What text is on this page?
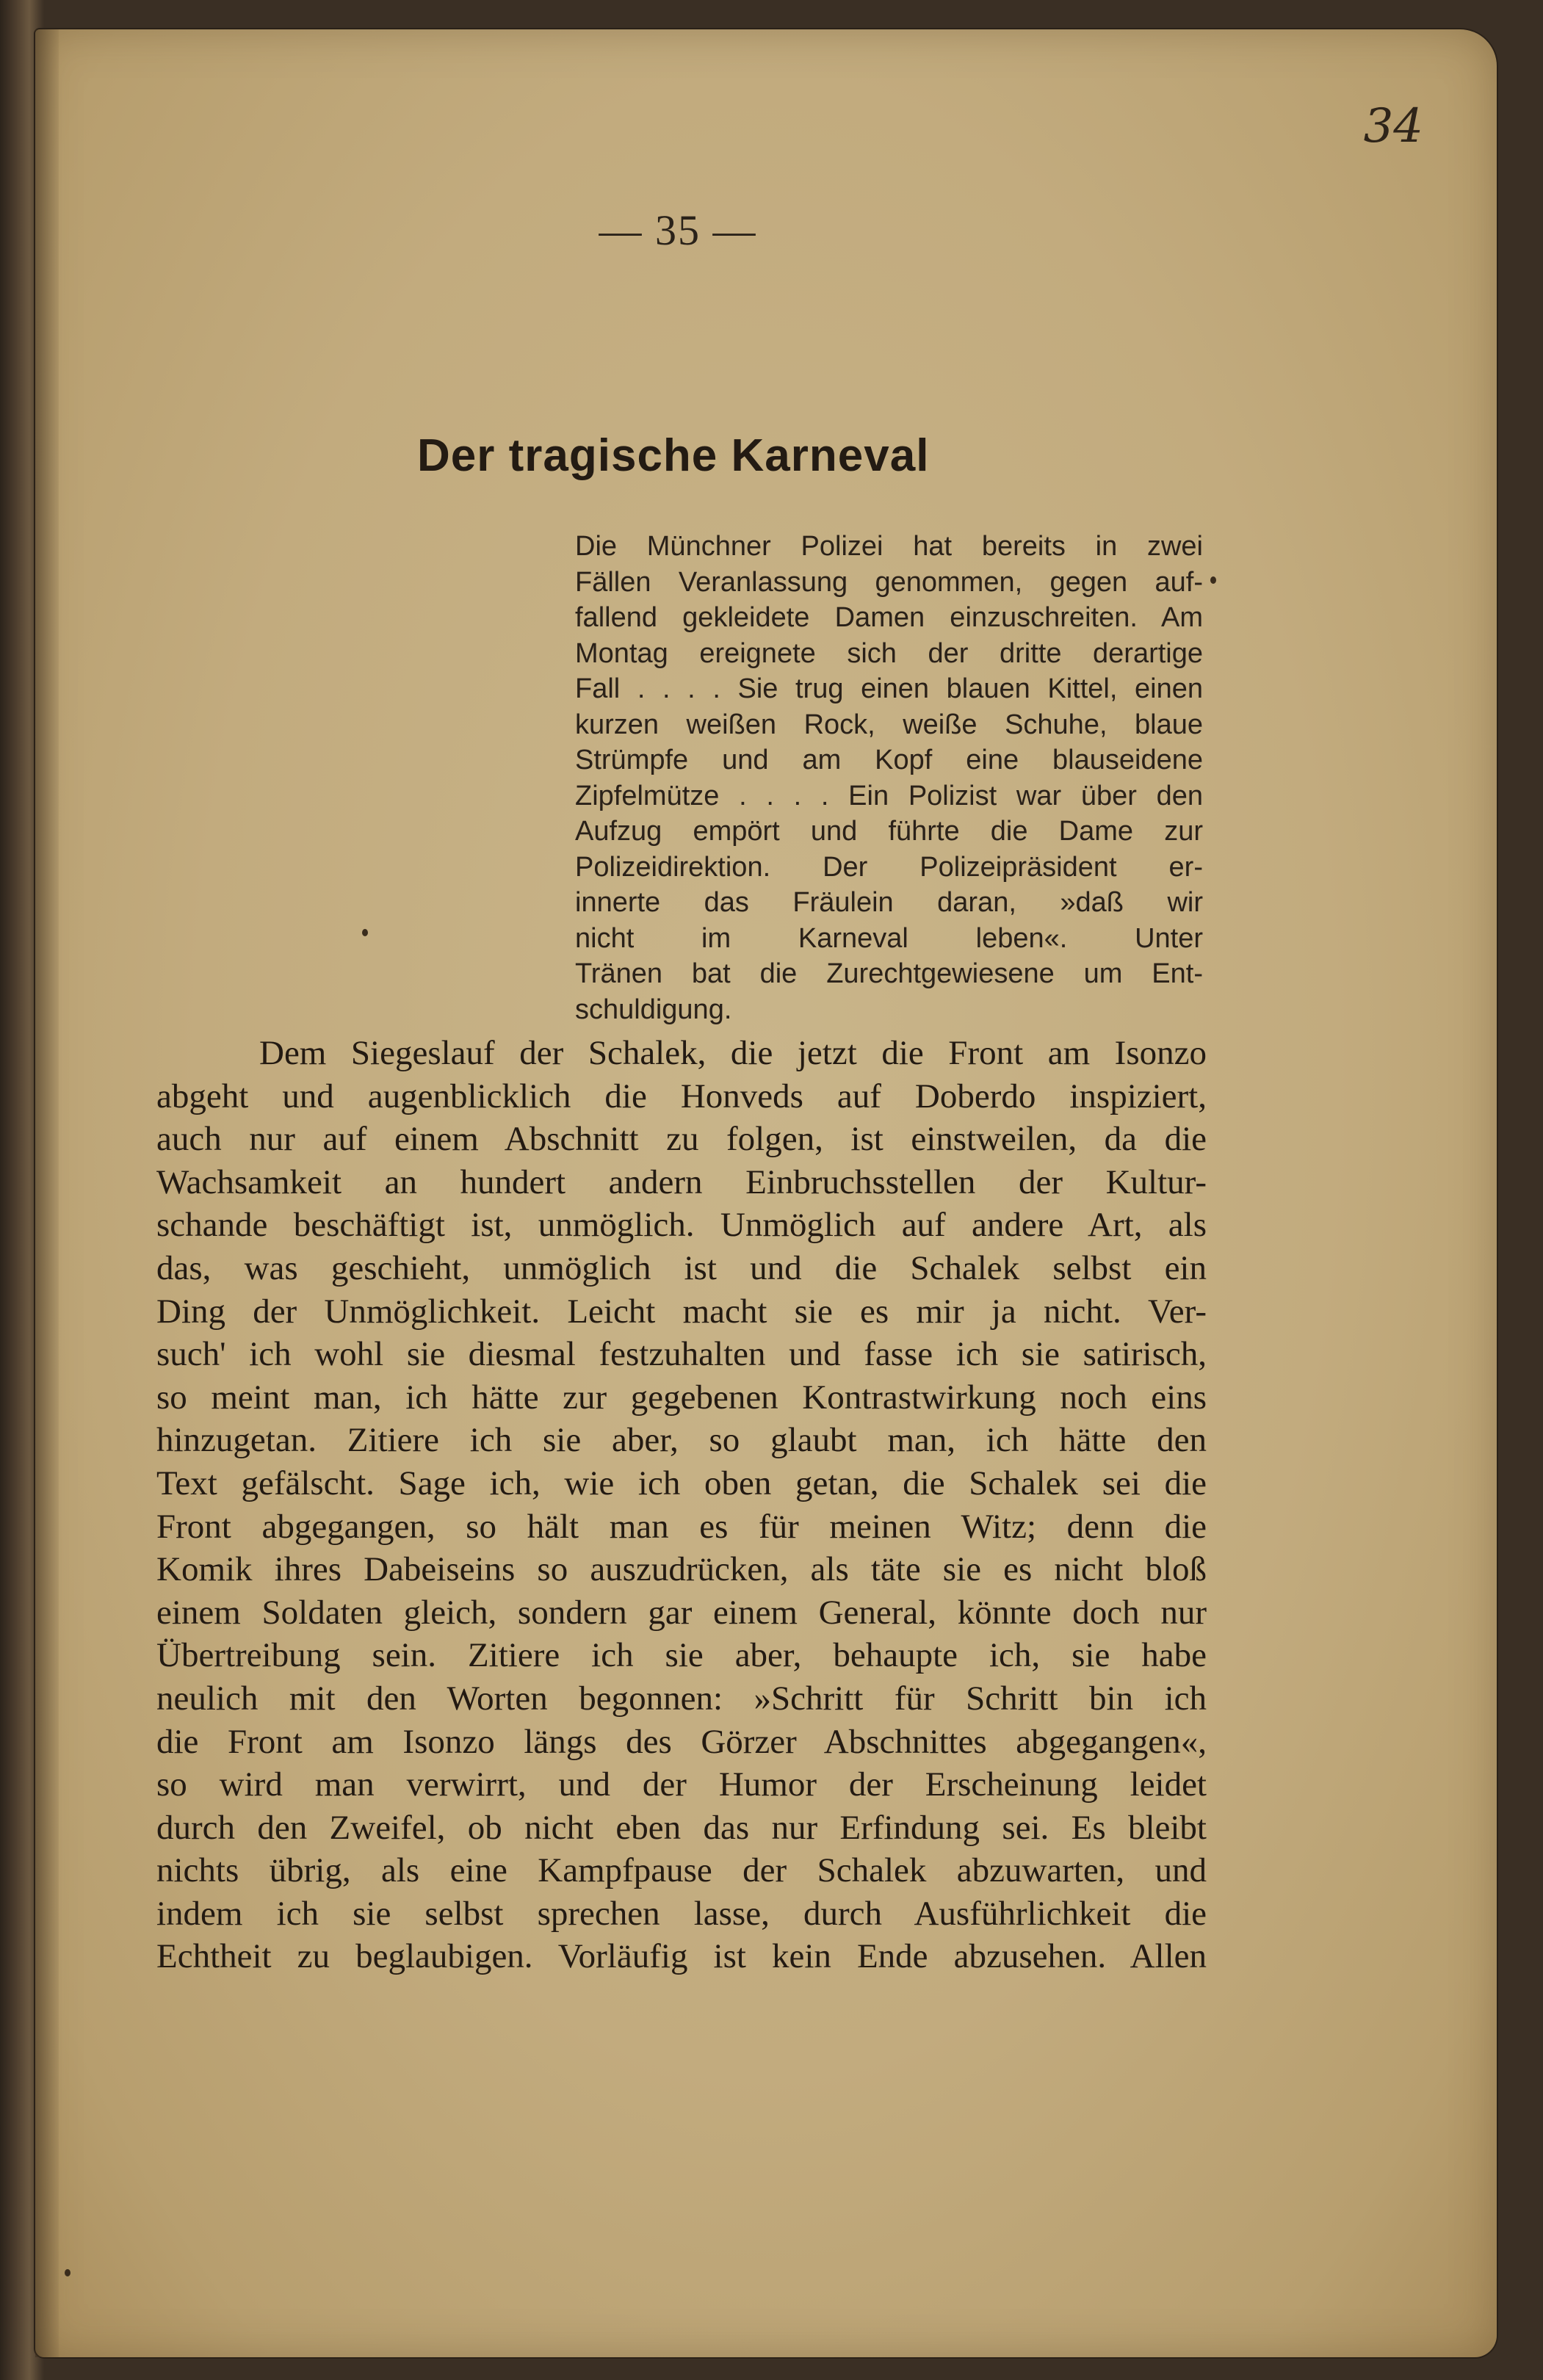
34
— 35 —
Der tragische Karneval
Die Münchner Polizei hat bereits in zwei
Fällen Veranlassung genommen, gegen auf-
fallend gekleidete Damen einzuschreiten. Am
Montag ereignete sich der dritte derartige
Fall . . . . Sie trug einen blauen Kittel, einen
kurzen weißen Rock, weiße Schuhe, blaue
Strümpfe und am Kopf eine blauseidene
Zipfelmütze . . . . Ein Polizist war über den
Aufzug empört und führte die Dame zur
Polizeidirektion. Der Polizeipräsident er-
innerte das Fräulein daran, »daß wir
nicht im Karneval leben«. Unter
Tränen bat die Zurechtgewiesene um Ent-
schuldigung.
Dem Siegeslauf der Schalek, die jetzt die Front am Isonzo
abgeht und augenblicklich die Honveds auf Doberdo inspiziert,
auch nur auf einem Abschnitt zu folgen, ist einstweilen, da die
Wachsamkeit an hundert andern Einbruchsstellen der Kultur-
schande beschäftigt ist, unmöglich. Unmöglich auf andere Art, als
das, was geschieht, unmöglich ist und die Schalek selbst ein
Ding der Unmöglichkeit. Leicht macht sie es mir ja nicht. Ver-
such' ich wohl sie diesmal festzuhalten und fasse ich sie satirisch,
so meint man, ich hätte zur gegebenen Kontrastwirkung noch eins
hinzugetan. Zitiere ich sie aber, so glaubt man, ich hätte den
Text gefälscht. Sage ich, wie ich oben getan, die Schalek sei die
Front abgegangen, so hält man es für meinen Witz; denn die
Komik ihres Dabeiseins so auszudrücken, als täte sie es nicht bloß
einem Soldaten gleich, sondern gar einem General, könnte doch nur
Übertreibung sein. Zitiere ich sie aber, behaupte ich, sie habe
neulich mit den Worten begonnen: »Schritt für Schritt bin ich
die Front am Isonzo längs des Görzer Abschnittes abgegangen«,
so wird man verwirrt, und der Humor der Erscheinung leidet
durch den Zweifel, ob nicht eben das nur Erfindung sei. Es bleibt
nichts übrig, als eine Kampfpause der Schalek abzuwarten, und
indem ich sie selbst sprechen lasse, durch Ausführlichkeit die
Echtheit zu beglaubigen. Vorläufig ist kein Ende abzusehen. Allen
